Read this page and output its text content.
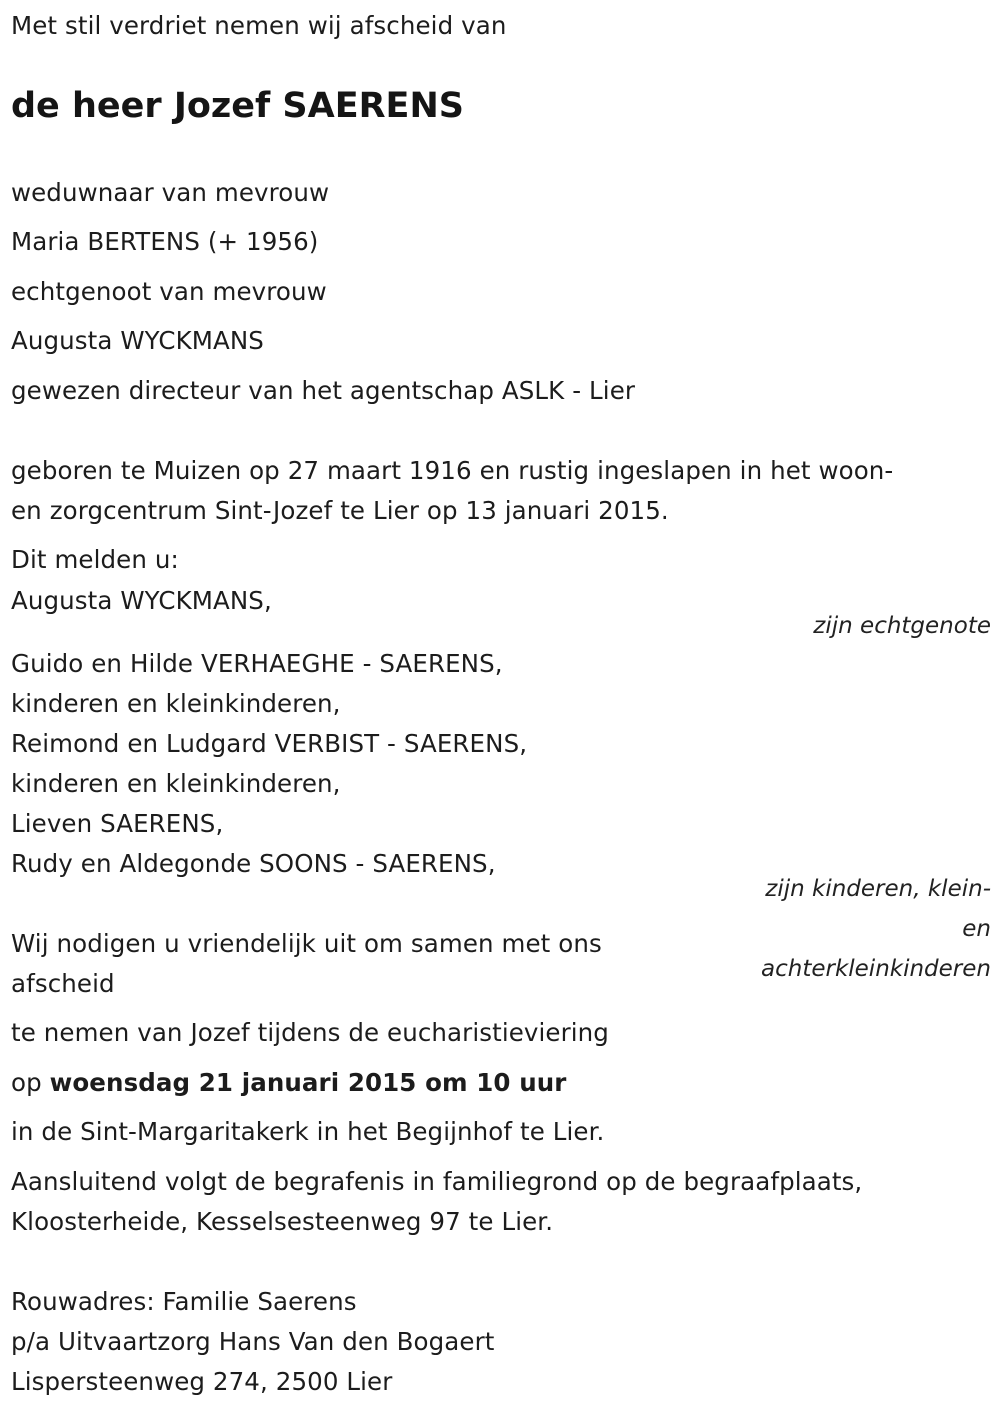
Met stil verdriet nemen wij afscheid van
de heer Jozef SAERENS
weduwnaar van mevrouw
Maria BERTENS (+ 1956)
echtgenoot van mevrouw
Augusta WYCKMANS
gewezen directeur van het agentschap ASLK - Lier
geboren te Muizen op 27 maart 1916 en rustig ingeslapen in het woon-
en zorgcentrum Sint-Jozef te Lier op 13 januari 2015.
Dit melden u:
Augusta WYCKMANS,
zijn echtgenote
Guido en Hilde VERHAEGHE - SAERENS,
kinderen en kleinkinderen,
Reimond en Ludgard VERBIST - SAERENS,
kinderen en kleinkinderen,
Lieven SAERENS,
Rudy en Aldegonde SOONS - SAERENS,
zijn kinderen, klein-
en
achterkleinkinderen
Wij nodigen u vriendelijk uit om samen met ons
afscheid
te nemen van Jozef tijdens de eucharistieviering
op woensdag 21 januari 2015 om 10 uur
in de Sint-Margaritakerk in het Begijnhof te Lier.
Aansluitend volgt de begrafenis in familiegrond op de begraafplaats,
Kloosterheide, Kesselsesteenweg 97 te Lier.
Rouwadres: Familie Saerens
p/a Uitvaartzorg Hans Van den Bogaert
Lispersteenweg 274, 2500 Lier
